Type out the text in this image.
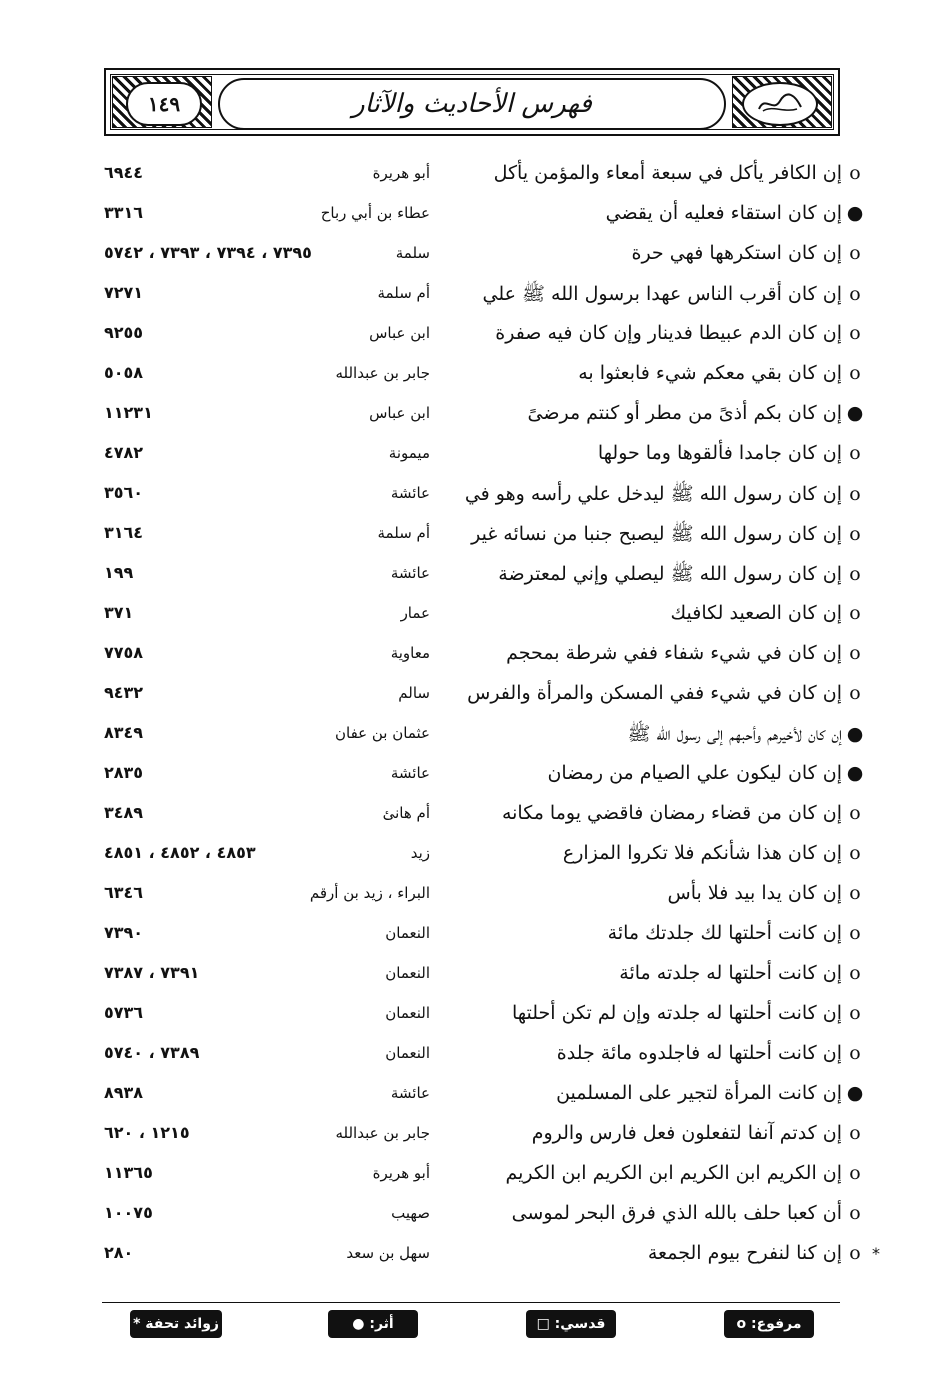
١٤٩	فهرس الأحاديث والآثار
oإن الكافر يأكل في سبعة أمعاء والمؤمن يأكل
أبو هريرة
٦٩٤٤
●إن كان استقاء فعليه أن يقضي
عطاء بن أبي رباح
٣٣١٦
oإن كان استكرهها فهي حرة
سلمة
٧٣٩٥ ، ٧٣٩٤ ، ٧٣٩٣ ، ٥٧٤٢
oإن كان أقرب الناس عهدا برسول الله ﷺ علي
أم سلمة
٧٢٧١
oإن كان الدم عبيطا فدينار وإن كان فيه صفرة
ابن عباس
٩٢٥٥
oإن كان بقي معكم شيء فابعثوا به
جابر بن عبدالله
٥٠٥٨
●إن كان بكم أذىً من مطر أو كنتم مرضىً
ابن عباس
١١٢٣١
oإن كان جامدا فألقوها وما حولها
ميمونة
٤٧٨٢
oإن كان رسول الله ﷺ ليدخل علي رأسه وهو في
عائشة
٣٥٦٠
oإن كان رسول الله ﷺ ليصبح جنبا من نسائه غير
أم سلمة
٣١٦٤
oإن كان رسول الله ﷺ ليصلي وإني لمعترضة
عائشة
١٩٩
oإن كان الصعيد لكافيك
عمار
٣٧١
oإن كان في شيء شفاء ففي شرطة بمحجم
معاوية
٧٧٥٨
oإن كان في شيء ففي المسكن والمرأة والفرس
سالم
٩٤٣٢
●إن كان لأخيرهم وأحبهم إلى رسول الله ﷺ
عثمان بن عفان
٨٣٤٩
●إن كان ليكون علي الصيام من رمضان
عائشة
٢٨٣٥
oإن كان من قضاء رمضان فاقضي يوما مكانه
أم هانئ
٣٤٨٩
oإن كان هذا شأنكم فلا تكروا المزارع
زيد
٤٨٥٣ ، ٤٨٥٢ ، ٤٨٥١
oإن كان يدا بيد فلا بأس
البراء ، زيد بن أرقم
٦٣٤٦
oإن كانت أحلتها لك جلدتك مائة
النعمان
٧٣٩٠
oإن كانت أحلتها له جلدته مائة
النعمان
٧٣٩١ ، ٧٣٨٧
oإن كانت أحلتها له جلدته وإن لم تكن أحلتها
النعمان
٥٧٣٦
oإن كانت أحلتها له فاجلدوه مائة جلدة
النعمان
٧٣٨٩ ، ٥٧٤٠
●إن كانت المرأة لتجير على المسلمين
عائشة
٨٩٣٨
oإن كدتم آنفا لتفعلون فعل فارس والروم
جابر بن عبدالله
١٢١٥ ، ٦٢٠
oإن الكريم ابن الكريم ابن الكريم ابن الكريم
أبو هريرة
١١٣٦٥
oأن كعبا حلف بالله الذي فرق البحر لموسى
صهيب
١٠٠٧٥
*
oإن كنا لنفرح بيوم الجمعة
سهل بن سعد
٢٨٠
زوائد تحفة *	أثر: ●	قدسي: □	مرفوع: o
